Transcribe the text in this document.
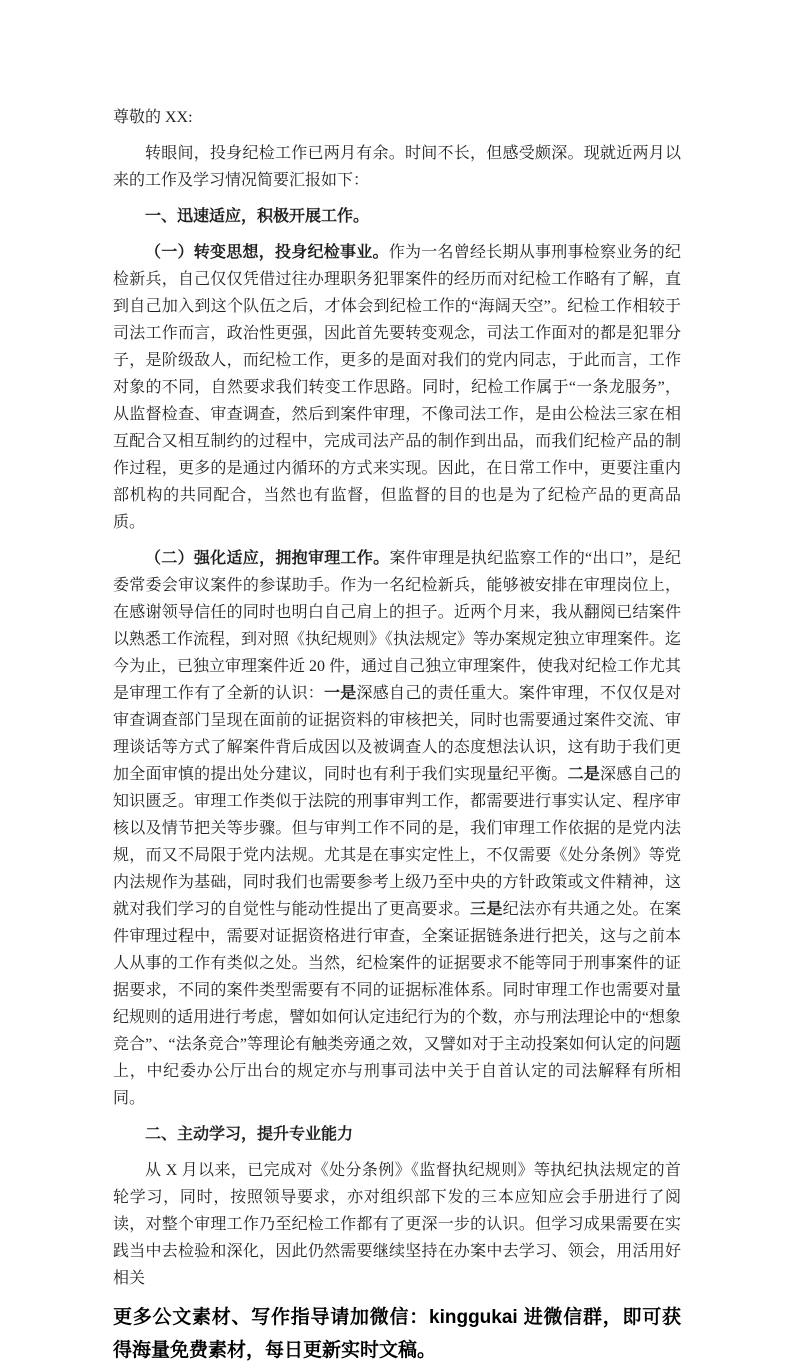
尊敬的 XX:

转眼间，投身纪检工作已两月有余。时间不长，但感受颇深。现就近两月以来的工作及学习情况简要汇报如下：

一、迅速适应，积极开展工作。

（一）转变思想，投身纪检事业。作为一名曾经长期从事刑事检察业务的纪检新兵，自己仅仅凭借过往办理职务犯罪案件的经历而对纪检工作略有了解，直到自己加入到这个队伍之后，才体会到纪检工作的“海阔天空”。纪检工作相较于司法工作而言，政治性更强，因此首先要转变观念，司法工作面对的都是犯罪分子，是阶级敌人，而纪检工作，更多的是面对我们的党内同志，于此而言，工作对象的不同，自然要求我们转变工作思路。同时，纪检工作属于“一条龙服务”，从监督检查、审查调查，然后到案件审理，不像司法工作，是由公检法三家在相互配合又相互制约的过程中，完成司法产品的制作到出品，而我们纪检产品的制作过程，更多的是通过内循环的方式来实现。因此，在日常工作中，更要注重内部机构的共同配合，当然也有监督，但监督的目的也是为了纪检产品的更高品质。

（二）强化适应，拥抱审理工作。案件审理是执纪监察工作的“出口”，是纪委常委会审议案件的参谋助手。作为一名纪检新兵，能够被安排在审理岗位上，在感谢领导信任的同时也明白自己肩上的担子。近两个月来，我从翻阅已结案件以熟悉工作流程，到对照《执纪规则》《执法规定》等办案规定独立审理案件。迄今为止，已独立审理案件近 20 件，通过自己独立审理案件，使我对纪检工作尤其是审理工作有了全新的认识：一是深感自己的责任重大。案件审理，不仅仅是对审查调查部门呈现在面前的证据资料的审核把关，同时也需要通过案件交流、审理谈话等方式了解案件背后成因以及被调查人的态度想法认识，这有助于我们更加全面审慎的提出处分建议，同时也有利于我们实现量纪平衡。二是深感自己的知识匮乏。审理工作类似于法院的刑事审判工作，都需要进行事实认定、程序审核以及情节把关等步骤。但与审判工作不同的是，我们审理工作依据的是党内法规，而又不局限于党内法规。尤其是在事实定性上，不仅需要《处分条例》等党内法规作为基础，同时我们也需要参考上级乃至中央的方针政策或文件精神，这就对我们学习的自觉性与能动性提出了更高要求。三是纪法亦有共通之处。在案件审理过程中，需要对证据资格进行审查，全案证据链条进行把关，这与之前本人从事的工作有类似之处。当然，纪检案件的证据要求不能等同于刑事案件的证据要求，不同的案件类型需要有不同的证据标准体系。同时审理工作也需要对量纪规则的适用进行考虑，譬如如何认定违纪行为的个数，亦与刑法理论中的“想象竞合”、“法条竞合”等理论有触类旁通之效，又譬如对于主动投案如何认定的问题上，中纪委办公厅出台的规定亦与刑事司法中关于自首认定的司法解释有所相同。

二、主动学习，提升专业能力

从 X 月以来，已完成对《处分条例》《监督执纪规则》等执纪执法规定的首轮学习，同时，按照领导要求，亦对组织部下发的三本应知应会手册进行了阅读，对整个审理工作乃至纪检工作都有了更深一步的认识。但学习成果需要在实践当中去检验和深化，因此仍然需要继续坚持在办案中去学习、领会，用活用好相关

更多公文素材、写作指导请加微信：kinggukai 进微信群，即可获得海量免费素材，每日更新实时文稿。
